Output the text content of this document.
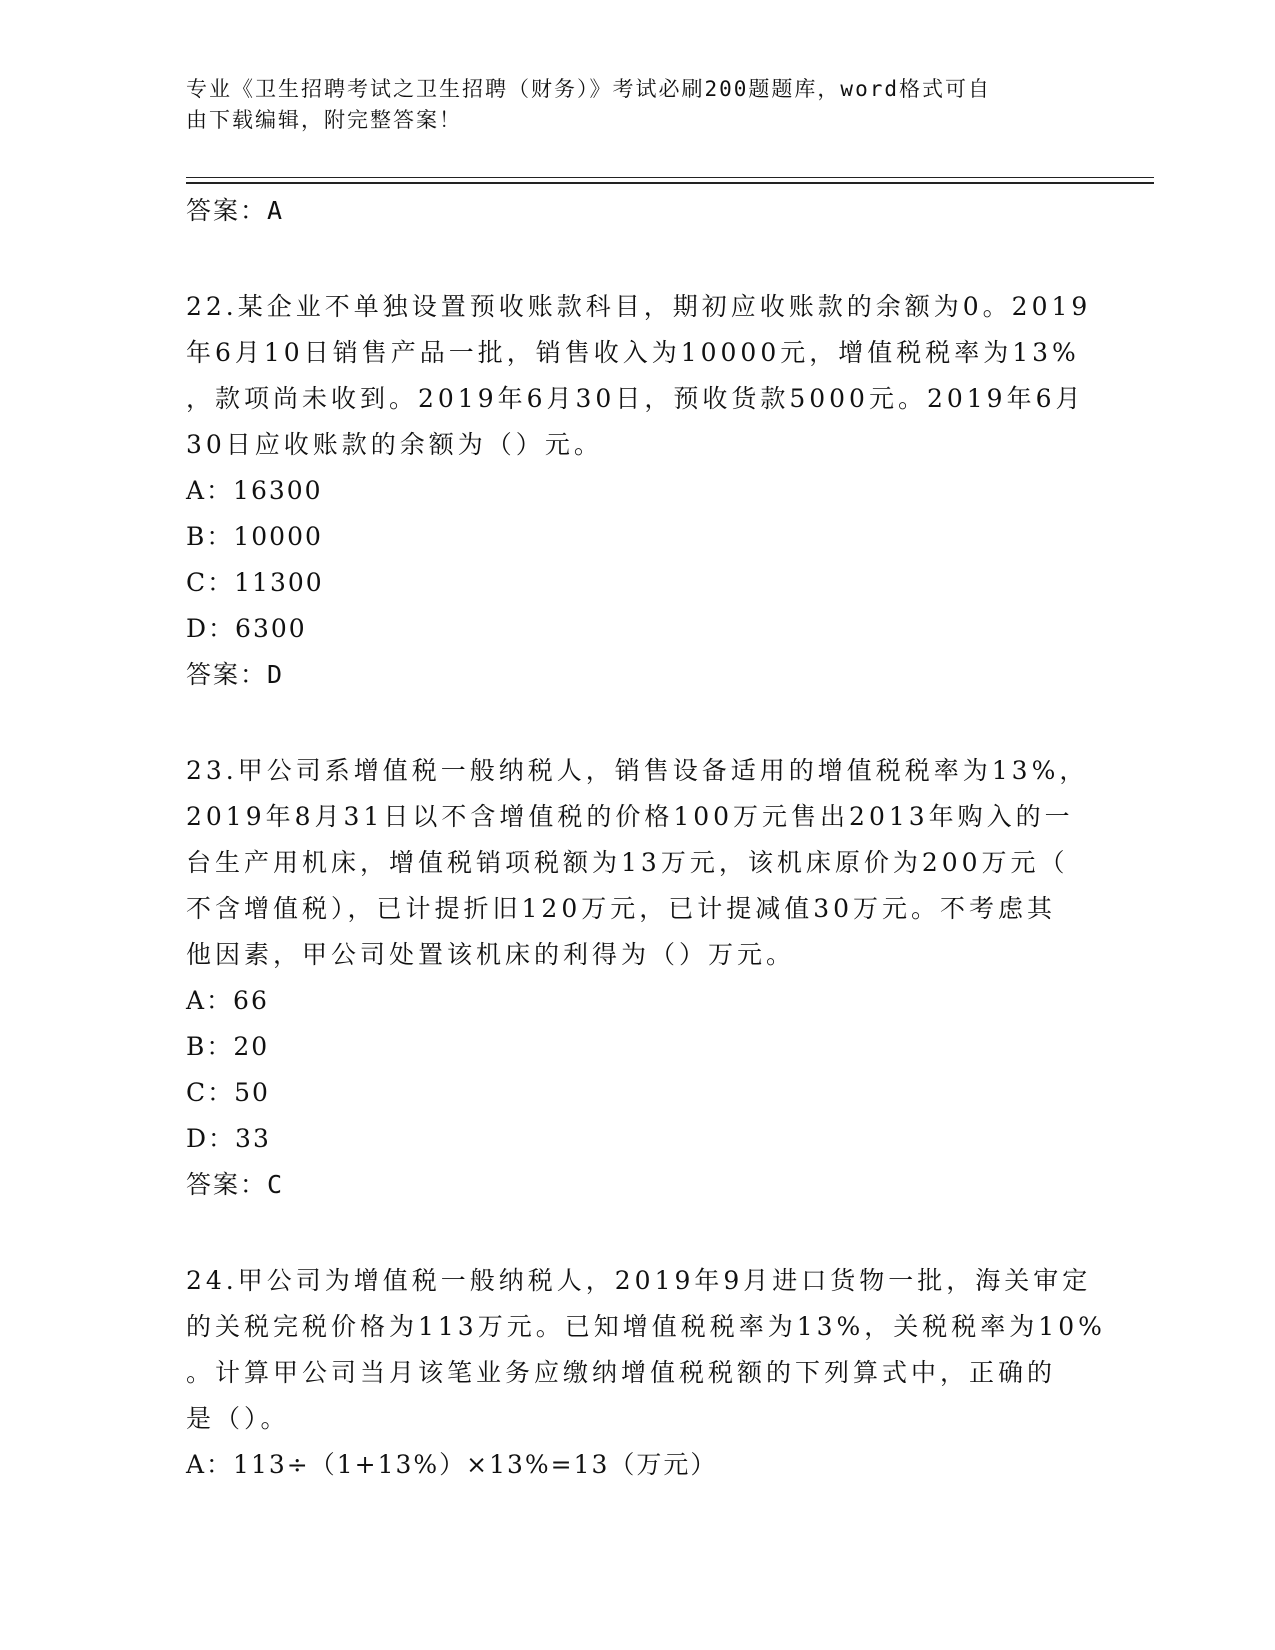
专业《卫生招聘考试之卫生招聘（财务）》考试必刷200题题库，word格式可自
由下载编辑，附完整答案！
答案：A
22.某企业不单独设置预收账款科目，期初应收账款的余额为0。2019
年6月10日销售产品一批，销售收入为10000元，增值税税率为13%
，款项尚未收到。2019年6月30日，预收货款5000元。2019年6月
30日应收账款的余额为（）元。
A：16300
B：10000
C：11300
D：6300
答案：D
23.甲公司系增值税一般纳税人，销售设备适用的增值税税率为13%，
2019年8月31日以不含增值税的价格100万元售出2013年购入的一
台生产用机床，增值税销项税额为13万元，该机床原价为200万元（
不含增值税），已计提折旧120万元，已计提减值30万元。不考虑其
他因素，甲公司处置该机床的利得为（）万元。
A：66
B：20
C：50
D：33
答案：C
24.甲公司为增值税一般纳税人，2019年9月进口货物一批，海关审定
的关税完税价格为113万元。已知增值税税率为13%，关税税率为10%
。计算甲公司当月该笔业务应缴纳增值税税额的下列算式中，正确的
是（）。
A：113÷（1+13%）×13%=13（万元）
